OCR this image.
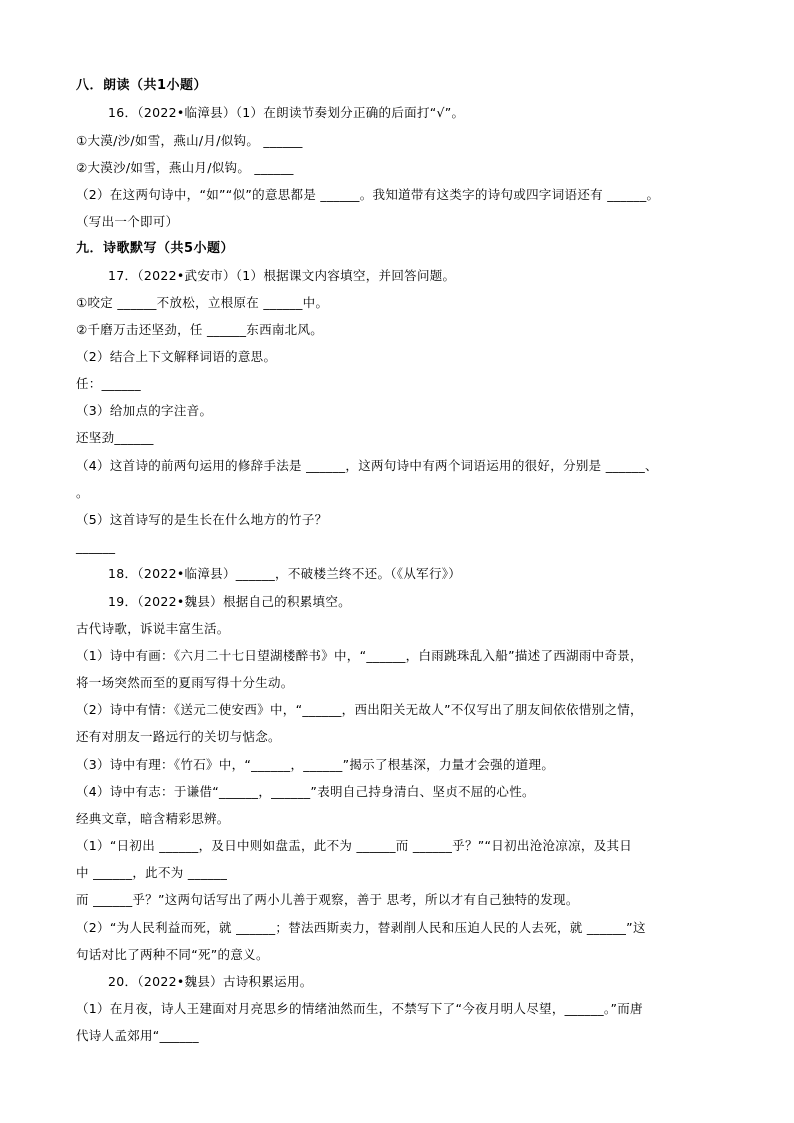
八．朗读（共1小题）
16．（2022•临漳县）（1）在朗读节奏划分正确的后面打“√”。
①大漠/沙/如雪，燕山/月/似钩。 ______
②大漠沙/如雪，燕山月/似钩。 ______
（2）在这两句诗中，“如”“似”的意思都是 ______。我知道带有这类字的诗句或四字词语还有 ______。
（写出一个即可）
九．诗歌默写（共5小题）
17．（2022•武安市）（1）根据课文内容填空，并回答问题。
①咬定 ______不放松，立根原在 ______中。
②千磨万击还坚劲，任 ______东西南北风。
（2）结合上下文解释词语的意思。
任：______
（3）给加点的字注音。
还坚劲______
（4）这首诗的前两句运用的修辞手法是 ______，这两句诗中有两个词语运用的很好，分别是 ______、
。
（5）这首诗写的是生长在什么地方的竹子？
______
18．（2022•临漳县）______，不破楼兰终不还。（《从军行》）
19．（2022•魏县）根据自己的积累填空。
古代诗歌，诉说丰富生活。
（1）诗中有画：《六月二十七日望湖楼醉书》中，“______，白雨跳珠乱入船”描述了西湖雨中奇景，
将一场突然而至的夏雨写得十分生动。
（2）诗中有情：《送元二使安西》中，“______，西出阳关无故人”不仅写出了朋友间依依惜别之情，
还有对朋友一路远行的关切与惦念。
（3）诗中有理：《竹石》中，“______，______”揭示了根基深，力量才会强的道理。
（4）诗中有志：于谦借“______，______”表明自己持身清白、坚贞不屈的心性。
经典文章，暗含精彩思辨。
（1）“日初出 ______，及日中则如盘盂，此不为 ______而 ______乎？”“日初出沧沧凉凉，及其日
中 ______，此不为 ______
而 ______乎？”这两句话写出了两小儿善于观察，善于 思考，所以才有自己独特的发现。
（2）“为人民利益而死，就 ______；替法西斯卖力，替剥削人民和压迫人民的人去死，就 ______”这
句话对比了两种不同“死”的意义。
20．（2022•魏县）古诗积累运用。
（1）在月夜，诗人王建面对月亮思乡的情绪油然而生，不禁写下了“今夜月明人尽望，______。”而唐
代诗人孟郊用“______
